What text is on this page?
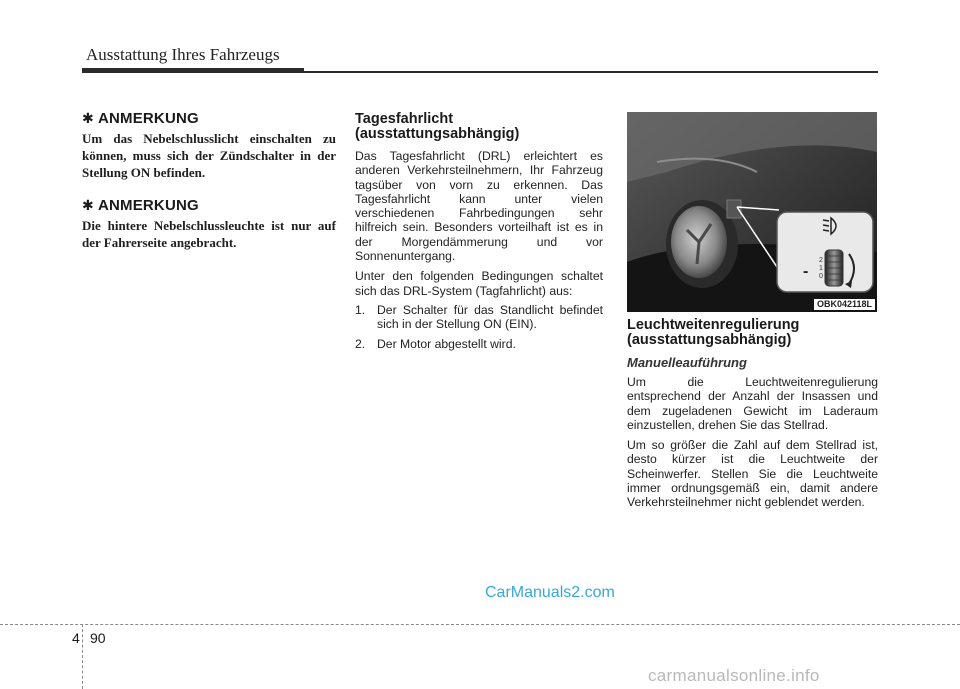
Ausstattung Ihres Fahrzeugs
✱ ANMERKUNG
Um das Nebelschlusslicht einschalten zu können, muss sich der Zündschalter in der Stellung ON befinden.
✱ ANMERKUNG
Die hintere Nebelschlussleuchte ist nur auf der Fahrerseite angebracht.
Tagesfahrlicht (ausstattungsabhängig)

Das Tagesfahrlicht (DRL) erleichtert es anderen Verkehrsteilnehmern, Ihr Fahrzeug tagsüber von vorn zu erkennen. Das Tagesfahrlicht kann unter vielen verschiedenen Fahrbedingungen sehr hilfreich sein. Besonders vorteilhaft ist es in der Morgendämmerung und vor Sonnenuntergang.

Unter den folgenden Bedingungen schaltet sich das DRL-System (Tagfahrlicht) aus:

1. Der Schalter für das Standlicht befindet sich in der Stellung ON (EIN).
2. Der Motor abgestellt wird.
2
1
0
-
OBK042118L
Leuchtweitenregulierung (ausstattungsabhängig)
Manuelleauführung

Um die Leuchtweitenregulierung entsprechend der Anzahl der Insassen und dem zugeladenen Gewicht im Laderaum einzustellen, drehen Sie das Stellrad.

Um so größer die Zahl auf dem Stellrad ist, desto kürzer ist die Leuchtweite der Scheinwerfer. Stellen Sie die Leuchtweite immer ordnungsgemäß ein, damit andere Verkehrsteilnehmer nicht geblendet werden.

CarManuals2.com
4 90
carmanualsonline.info
